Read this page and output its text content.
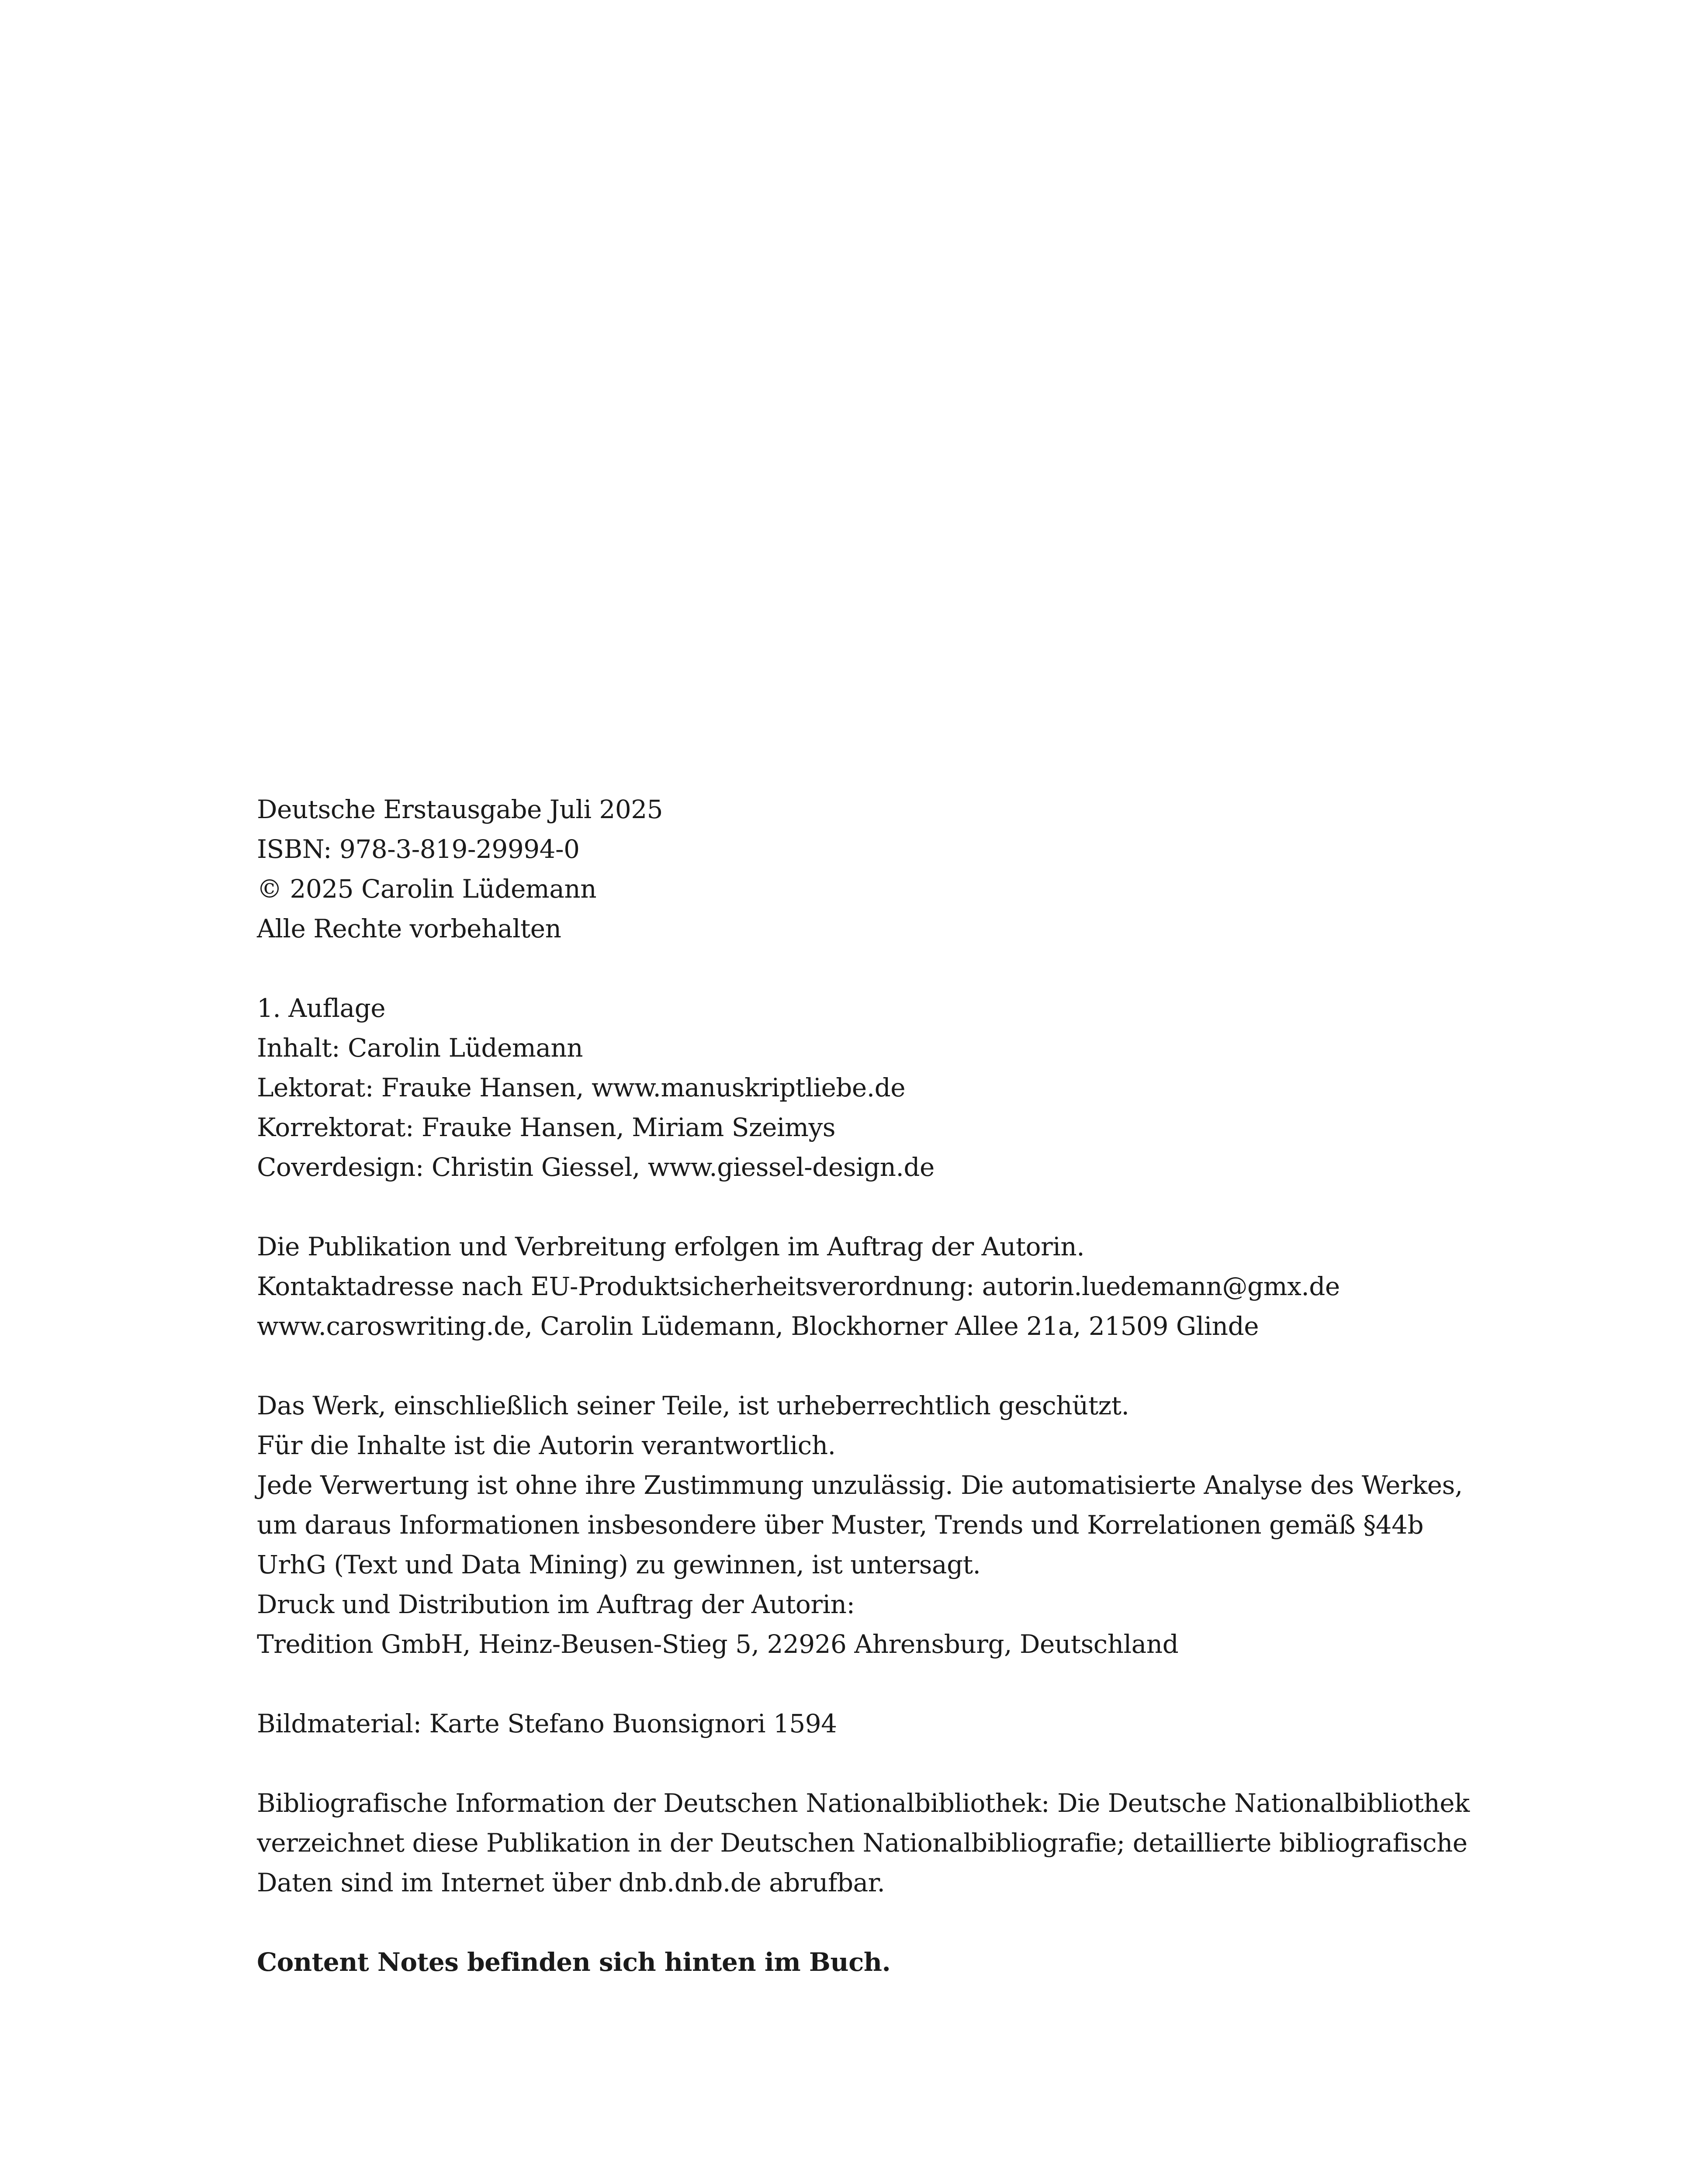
Deutsche Erstausgabe Juli 2025
ISBN: 978-3-819-29994-0
© 2025 Carolin Lüdemann
Alle Rechte vorbehalten
1. Auflage
Inhalt: Carolin Lüdemann
Lektorat: Frauke Hansen, www.manuskriptliebe.de
Korrektorat: Frauke Hansen, Miriam Szeimys
Coverdesign: Christin Giessel, www.giessel-design.de
Die Publikation und Verbreitung erfolgen im Auftrag der Autorin.
Kontaktadresse nach EU-Produktsicherheitsverordnung: autorin.luedemann@gmx.de
www.caroswriting.de, Carolin Lüdemann, Blockhorner Allee 21a, 21509 Glinde
Das Werk, einschließlich seiner Teile, ist urheberrechtlich geschützt.
Für die Inhalte ist die Autorin verantwortlich.
Jede Verwertung ist ohne ihre Zustimmung unzulässig. Die automatisierte Analyse des Werkes,
um daraus Informationen insbesondere über Muster, Trends und Korrelationen gemäß §44b
UrhG (Text und Data Mining) zu gewinnen, ist untersagt.
Druck und Distribution im Auftrag der Autorin:
Tredition GmbH, Heinz-Beusen-Stieg 5, 22926 Ahrensburg, Deutschland
Bildmaterial: Karte Stefano Buonsignori 1594
Bibliografische Information der Deutschen Nationalbibliothek: Die Deutsche Nationalbibliothek
verzeichnet diese Publikation in der Deutschen Nationalbibliografie; detaillierte bibliografische
Daten sind im Internet über dnb.dnb.de abrufbar.
Content Notes befinden sich hinten im Buch.
